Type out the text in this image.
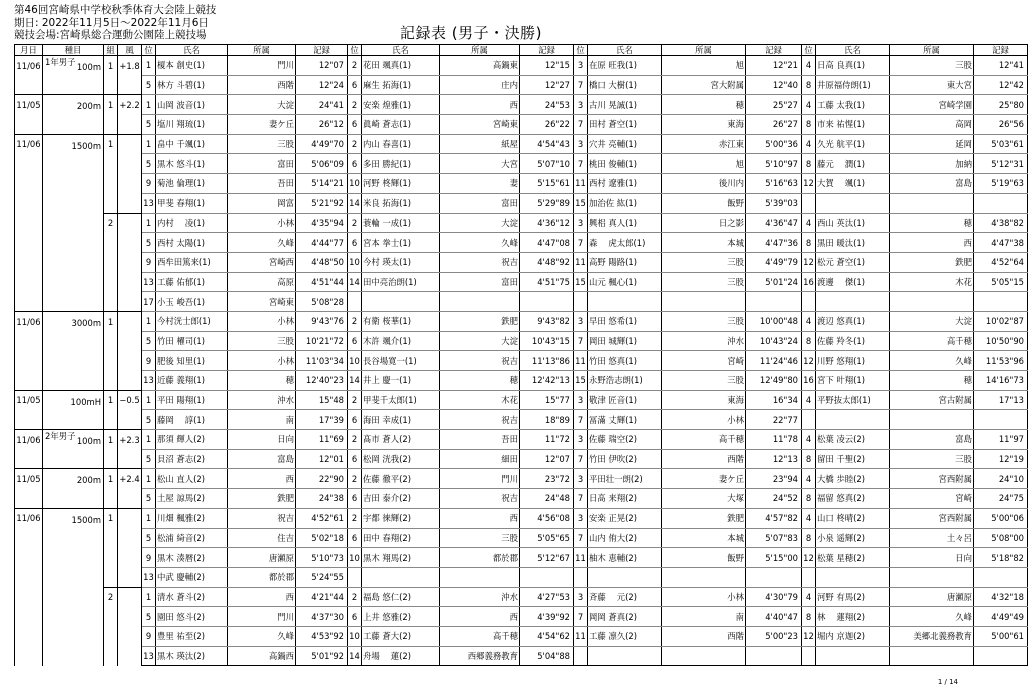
第46回宮崎県中学校秋季体育大会陸上競技
期日: 2022年11月5日～2022年11月6日
競技会場:宮崎県総合運動公園陸上競技場	記録表 (男子・決勝)
月日	種目	組	風	位	氏名	所属	記録	位	氏名	所属	記録	位	氏名	所属	記録	位	氏名	所属	記録
11/06	1年男子 100m	1	+1.8	1	榎本 創史(1)	門川	12"07	2	花田 颯真(1)	高鍋東	12"15	3	在原 旺我(1)	旭	12"21	4	日高 良真(1)	三股	12"41
				5	林方 斗碧(1)	西階	12"24	6	麻生 拓海(1)	庄内	12"27	7	橋口 大樹(1)	宮大附属	12"40	8	井原福侍朗(1)	東大宮	12"42
11/05	200m	1	+2.2	1	山岡 波音(1)	大淀	24"41	2	安楽 煌雅(1)	西	24"53	3	古川 晃誠(1)	穂	25"27	4	工藤 太我(1)	宮崎学園	25"80
				5	塩川 翔琉(1)	妻ケ丘	26"12	6	眞崎 蒼志(1)	宮崎東	26"22	7	田村 蒼空(1)	東海	26"27	8	市来 祐惺(1)	高岡	26"56
11/06	1500m	1		1	畠中 千颯(1)	三股	4'49"70	2	内山 春喜(1)	紙屋	4'54"43	3	穴井 亮輔(1)	赤江東	5'00"36	4	久光 航平(1)	延岡	5'03"61
				5	黒木 悠斗(1)	富田	5'06"09	6	多田 勝紀(1)	大宮	5'07"10	7	桃田 俊輔(1)	旭	5'10"97	8	藤元 　潤(1)	加納	5'12"31
				9	菊池 倫理(1)	吾田	5'14"21	10	河野 柊輝(1)	妻	5'15"61	11	西村 遼雅(1)	後川内	5'16"63	12	大賀 　颯(1)	富島	5'19"63
				13	甲斐 春翔(1)	岡富	5'21"92	14	米良 拓海(1)	富田	5'29"89	15	加治佐 紘(1)	飯野	5'39"03				

	2		1	内村 　凌(1)	小林	4'35"94	2	蓑輪 一成(1)	大淀	4'36"12	3	興梠 真人(1)	日之影	4'36"47	4	西山 英汰(1)	穂	4'38"82
				5	西村 太陽(1)	久峰	4'44"77	6	宮本 拳士(1)	久峰	4'47"08	7	森 　虎太郎(1)	本城	4'47"36	8	黒田 暖汰(1)	西	4'47"38
				9	西牟田篤来(1)	宮崎西	4'48"50	10	今村 瑛太(1)	祝吉	4'48"92	11	高野 陽路(1)	三股	4'49"79	12	松元 蒼空(1)	鉄肥	4'52"64
				13	工藤 佑郁(1)	高原	4'51"44	14	田中亮治朗(1)	富田	4'51"75	15	山元 楓心(1)	三股	5'01"24	16	渡邊 　傑(1)	木花	5'05"15
				17	小玉 峻吾(1)	宮崎東	5'08"28												
11/06	3000m	1		1	今村洸士郎(1)	小林	9'43"76	2	有衛 桜華(1)	鉄肥	9'43"82	3	早田 悠希(1)	三股	10'00"48	4	渡辺 悠真(1)	大淀	10'02"87
				5	竹田 櫂司(1)	三股	10'21"72	6	木許 颯介(1)	大淀	10'43"15	7	岡田 城輝(1)	沖水	10'43"24	8	佐藤 羚冬(1)	高千穂	10'50"90
				9	肥後 知里(1)	小林	11'03"34	10	長谷場寛一(1)	祝吉	11'13"86	11	竹田 悠真(1)	宮崎	11'24"46	12	川野 悠翔(1)	久峰	11'53"96
				13	近藤 義翔(1)	穂	12'40"23	14	井上 慶一(1)	穂	12'42"13	15	永野浩志朗(1)	三股	12'49"80	16	宮下 叶翔(1)	穂	14'16"73
11/05	100mH	1	−0.5	1	平田 陽翔(1)	沖水	15"48	2	甲斐千太郎(1)	木花	15"77	3	敬津 匠音(1)	東海	16"34	4	平野抜太郎(1)	宮古附属	17"13
				5	藤岡 　諄(1)	南	17"39	6	海田 幸成(1)	祝吉	18"89	7	冨滿 丈輝(1)	小林	22"77				
11/06	2年男子 100m	1	+2.3	1	那須 輝人(2)	日向	11"69	2	髙市 蒼人(2)	吾田	11"72	3	佐藤 瑞空(2)	高千穂	11"78	4	松葉 凌云(2)	富島	11"97
				5	貝沼 蒼志(2)	富島	12"01	6	松岡 洸我(2)	細田	12"07	7	竹田 伊吹(2)	西階	12"13	8	留田 千聖(2)	三股	12"19
11/05	200m	1	+2.4	1	松山 直人(2)	西	22"90	2	佐藤 徹平(2)	門川	23"72	3	平田壮一朗(2)	妻ケ丘	23"94	4	大橋 歩睦(2)	宮西附属	24"10
				5	土屋 諒馬(2)	鉄肥	24"38	6	吉田 泰介(2)	祝吉	24"48	7	日髙 来翔(2)	大塚	24"52	8	福留 悠真(2)	宮崎	24"75
11/06	1500m	1		1	川畑 楓雅(2)	祝吉	4'52"61	2	宇都 徠輝(2)	西	4'56"08	3	安楽 正晃(2)	鉄肥	4'57"82	4	山口 柊晴(2)	宮西附属	5'00"06
				5	松浦 綺音(2)	住吉	5'02"18	6	田中 春翔(2)	三股	5'05"65	7	山内 侑大(2)	本城	5'07"83	8	小泉 遥輝(2)	土々呂	5'08"00
				9	黒木 湊暦(2)	唐瀬原	5'10"73	10	黒木 翔馬(2)	都於郡	5'12"67	11	柚木 恵輔(2)	飯野	5'15"00	12	松葉 星穂(2)	日向	5'18"82
				13	中武 慶輔(2)	都於郡	5'24"55												

	2		1	清水 蒼斗(2)	西	4'21"44	2	福島 悠仁(2)	沖水	4'27"53	3	斉藤 　元(2)	小林	4'30"79	4	河野 有馬(2)	唐瀬原	4'32"18
				5	園田 悠斗(2)	門川	4'37"30	6	上井 悠雅(2)	西	4'39"92	7	岡岡 蒼真(2)	南	4'40"47	8	林 　蓮翔(2)	久峰	4'49"49
				9	豊里 祐至(2)	久峰	4'53"92	10	工藤 蒼大(2)	高千穂	4'54"62	11	工藤 凛久(2)	西階	5'00"23	12	堀内 京迦(2)	美郷北義務教育	5'00"61
				13	黒木 瑛汰(2)	高鍋西	5'01"92	14	舟場 　蓮(2)	西郷義務教育	5'04"88								
1 / 14
